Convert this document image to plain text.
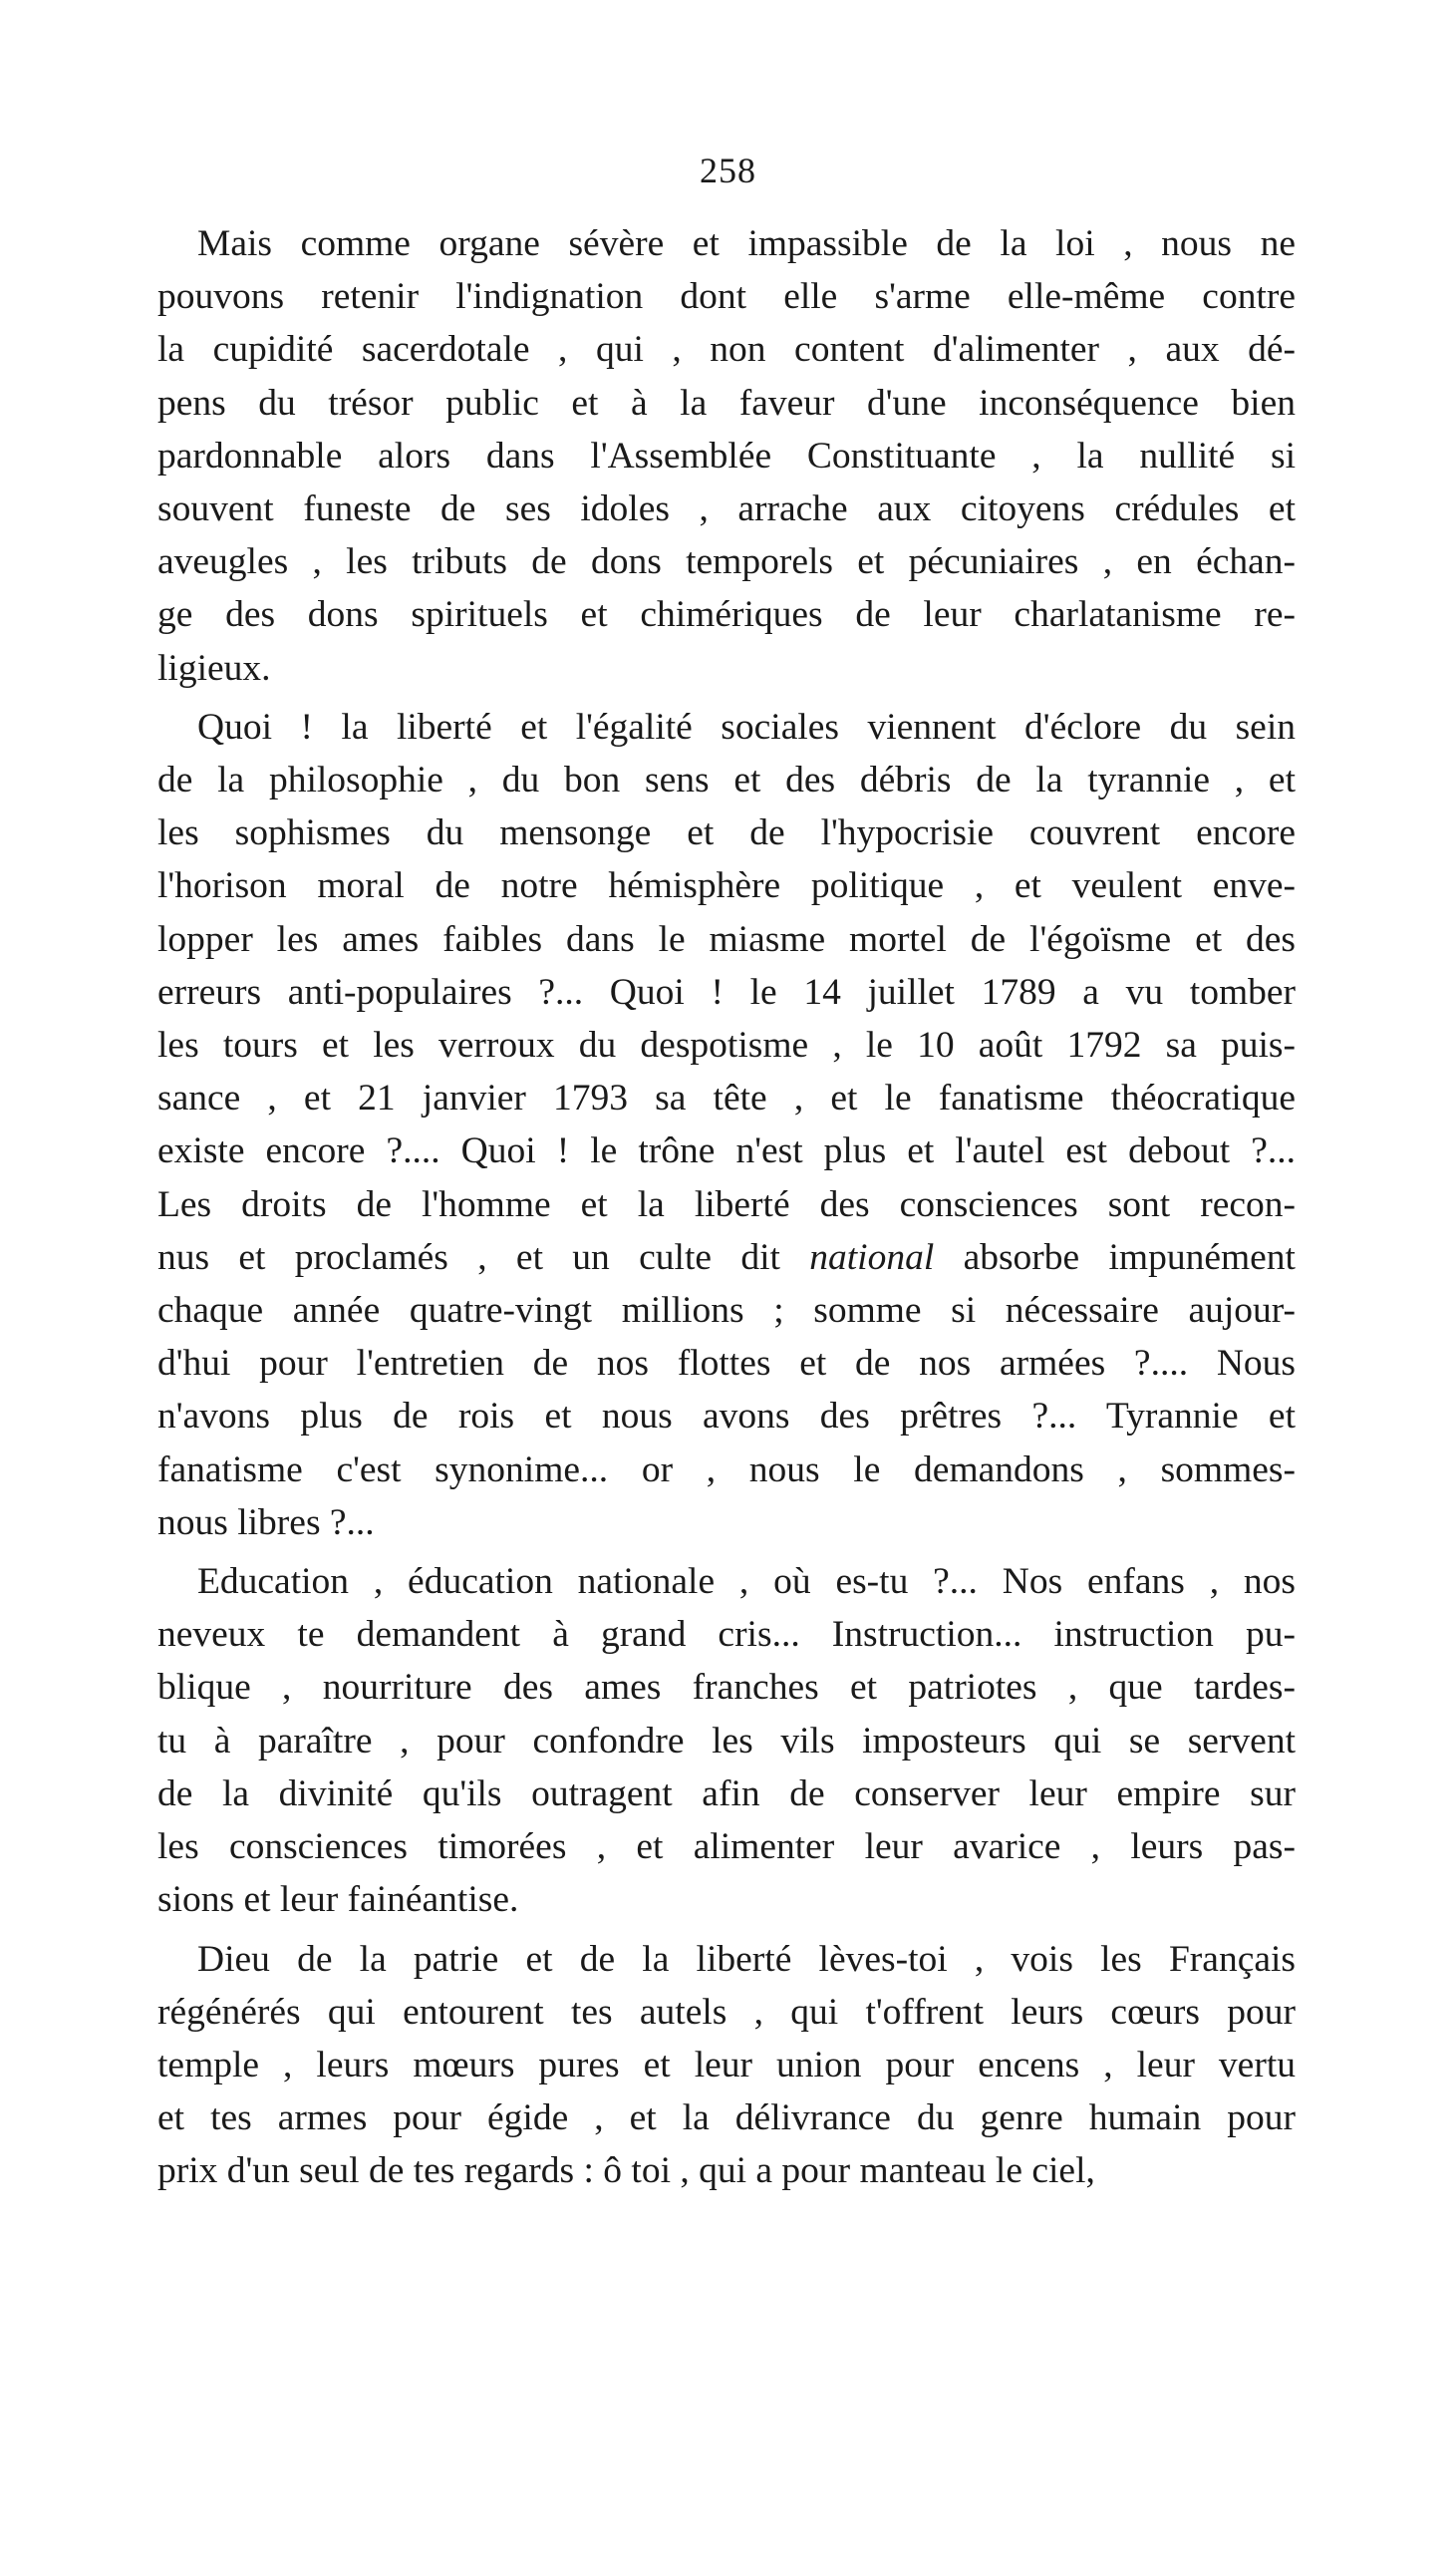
258
Mais comme organe sévère et impassible de la loi , nous ne
pouvons retenir l'indignation dont elle s'arme elle-même contre
la cupidité sacerdotale , qui , non content d'alimenter , aux dé-
pens du trésor public et à la faveur d'une inconséquence bien
pardonnable alors dans l'Assemblée Constituante , la nullité si
souvent funeste de ses idoles , arrache aux citoyens crédules et
aveugles , les tributs de dons temporels et pécuniaires , en échan-
ge des dons spirituels et chimériques de leur charlatanisme re-
ligieux.
Quoi ! la liberté et l'égalité sociales viennent d'éclore du sein
de la philosophie , du bon sens et des débris de la tyrannie , et
les sophismes du mensonge et de l'hypocrisie couvrent encore
l'horison moral de notre hémisphère politique , et veulent enve-
lopper les ames faibles dans le miasme mortel de l'égoïsme et des
erreurs anti-populaires ?... Quoi ! le 14 juillet 1789 a vu tomber
les tours et les verroux du despotisme , le 10 août 1792 sa puis-
sance , et 21 janvier 1793 sa tête , et le fanatisme théocratique
existe encore ?.... Quoi ! le trône n'est plus et l'autel est debout ?...
Les droits de l'homme et la liberté des consciences sont recon-
nus et proclamés , et un culte dit national absorbe impunément
chaque année quatre-vingt millions ; somme si nécessaire aujour-
d'hui pour l'entretien de nos flottes et de nos armées ?.... Nous
n'avons plus de rois et nous avons des prêtres ?... Tyrannie et
fanatisme c'est synonime... or , nous le demandons , sommes-
nous libres ?...
Education , éducation nationale , où es-tu ?... Nos enfans , nos
neveux te demandent à grand cris... Instruction... instruction pu-
blique , nourriture des ames franches et patriotes , que tardes-
tu à paraître , pour confondre les vils imposteurs qui se servent
de la divinité qu'ils outragent afin de conserver leur empire sur
les consciences timorées , et alimenter leur avarice , leurs pas-
sions et leur fainéantise.
Dieu de la patrie et de la liberté lèves-toi , vois les Français
régénérés qui entourent tes autels , qui t'offrent leurs cœurs pour
temple , leurs mœurs pures et leur union pour encens , leur vertu
et tes armes pour égide , et la délivrance du genre humain pour
prix d'un seul de tes regards : ô toi , qui a pour manteau le ciel,
